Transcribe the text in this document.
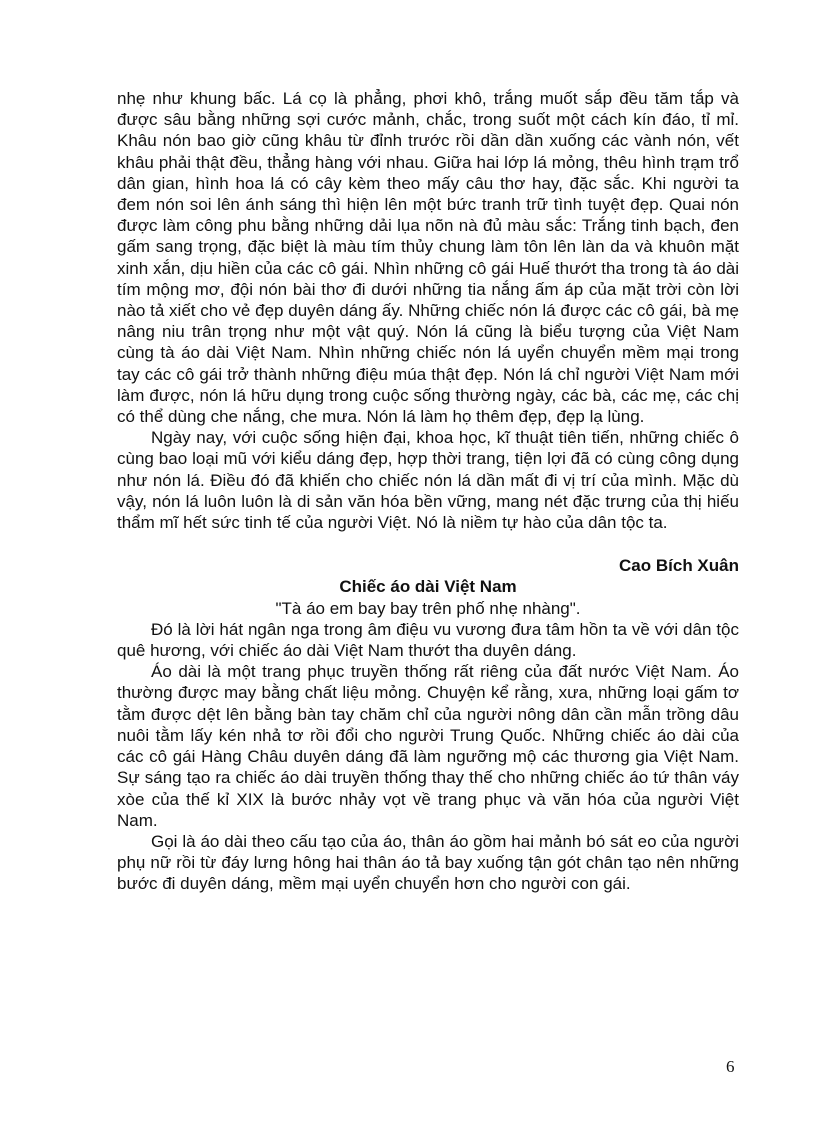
nhẹ như khung bấc. Lá cọ là phẳng, phơi khô, trắng muốt sắp đều tăm tắp và được sâu bằng những sợi cước mảnh, chắc, trong suốt một cách kín đáo, tỉ mỉ. Khâu nón bao giờ cũng khâu từ đỉnh trước rồi dần dần xuống các vành nón, vết khâu phải thật đều, thẳng hàng với nhau. Giữa hai lớp lá mỏng, thêu hình trạm trổ dân gian, hình hoa lá có cây kèm theo mấy câu thơ hay, đặc sắc. Khi người ta đem nón soi lên ánh sáng thì hiện lên một bức tranh trữ tình tuyệt đẹp. Quai nón được làm công phu bằng những dải lụa nõn nà đủ màu sắc: Trắng tinh bạch, đen gấm sang trọng, đặc biệt là màu tím thủy chung làm tôn lên làn da và khuôn mặt xinh xắn, dịu hiền của các cô gái. Nhìn những cô gái Huế thướt tha trong tà áo dài tím mộng mơ, đội nón bài thơ đi dưới những tia nắng ấm áp của mặt trời còn lời nào tả xiết cho vẻ đẹp duyên dáng ấy. Những chiếc nón lá được các cô gái, bà mẹ nâng niu trân trọng như một vật quý. Nón lá cũng là biểu tượng của Việt Nam cùng tà áo dài Việt Nam. Nhìn những chiếc nón lá uyển chuyển mềm mại trong tay các cô gái trở thành những điệu múa thật đẹp. Nón lá chỉ người Việt Nam mới làm được, nón lá hữu dụng trong cuộc sống thường ngày, các bà, các mẹ, các chị có thể dùng che nắng, che mưa. Nón lá làm họ thêm đẹp, đẹp lạ lùng.

Ngày nay, với cuộc sống hiện đại, khoa học, kĩ thuật tiên tiến, những chiếc ô cùng bao loại mũ với kiểu dáng đẹp, hợp thời trang, tiện lợi đã có cùng công dụng như nón lá. Điều đó đã khiến cho chiếc nón lá dần mất đi vị trí của mình. Mặc dù vậy, nón lá luôn luôn là di sản văn hóa bền vững, mang nét đặc trưng của thị hiếu thẩm mĩ hết sức tinh tế của người Việt. Nó là niềm tự hào của dân tộc ta.

Cao Bích Xuân

Chiếc áo dài Việt Nam

"Tà áo em bay bay trên phố nhẹ nhàng".

Đó là lời hát ngân nga trong âm điệu vu vương đưa tâm hồn ta về với dân tộc quê hương, với chiếc áo dài Việt Nam thướt tha duyên dáng.

Áo dài là một trang phục truyền thống rất riêng của đất nước Việt Nam. Áo thường được may bằng chất liệu mỏng. Chuyện kể rằng, xưa, những loại gấm tơ tằm được dệt lên bằng bàn tay chăm chỉ của người nông dân cần mẫn trồng dâu nuôi tằm lấy kén nhả tơ rồi đổi cho người Trung Quốc. Những chiếc áo dài của các cô gái Hàng Châu duyên dáng đã làm ngưỡng mộ các thương gia Việt Nam. Sự sáng tạo ra chiếc áo dài truyền thống thay thế cho những chiếc áo tứ thân váy xòe của thế kỉ XIX là bước nhảy vọt về trang phục và văn hóa của người Việt Nam.

Gọi là áo dài theo cấu tạo của áo, thân áo gồm hai mảnh bó sát eo của người phụ nữ rồi từ đáy lưng hông hai thân áo tả bay xuống tận gót chân tạo nên những bước đi duyên dáng, mềm mại uyển chuyển hơn cho người con gái.

6
